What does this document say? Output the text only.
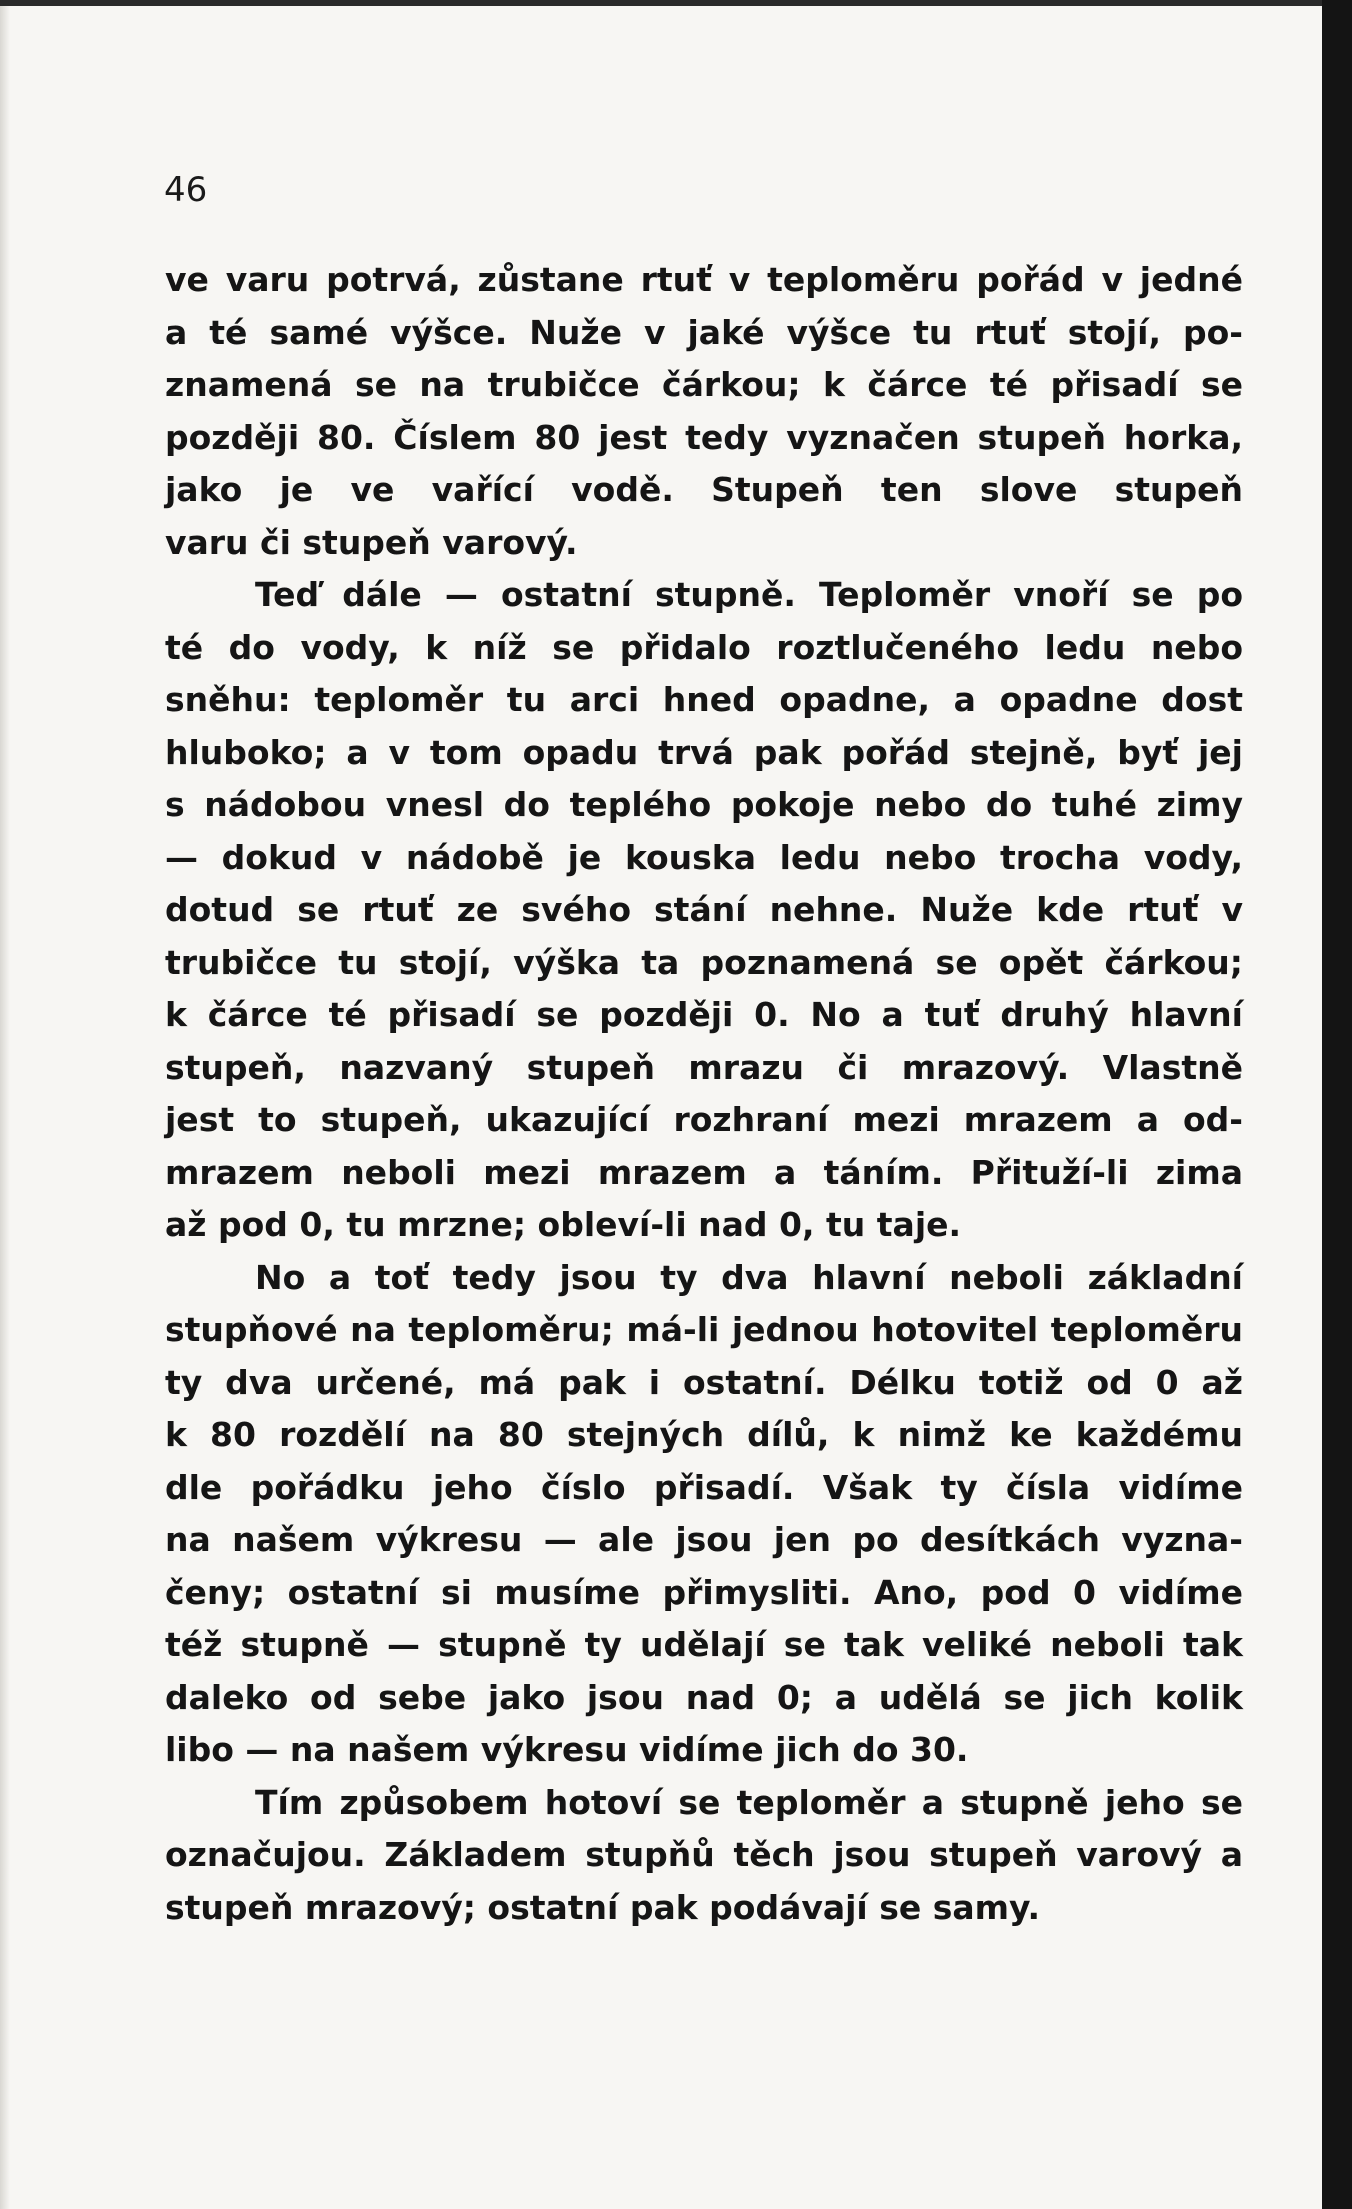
46

ve varu potrvá, zůstane rtuť v teploměru pořád v jedné

a té samé výšce. Nuže v jaké výšce tu rtuť stojí, po-

znamená se na trubičce čárkou; k čárce té přisadí se

později 80. Číslem 80 jest tedy vyznačen stupeň horka,

jako je ve vařící vodě. Stupeň ten slove stupeň

varu či stupeň varový.

Teď dále — ostatní stupně. Teploměr vnoří se po

té do vody, k níž se přidalo roztlučeného ledu nebo

sněhu: teploměr tu arci hned opadne, a opadne dost

hluboko; a v tom opadu trvá pak pořád stejně, byť jej

s nádobou vnesl do teplého pokoje nebo do tuhé zimy

— dokud v nádobě je kouska ledu nebo trocha vody,

dotud se rtuť ze svého stání nehne. Nuže kde rtuť v

trubičce tu stojí, výška ta poznamená se opět čárkou;

k čárce té přisadí se později 0. No a tuť druhý hlavní

stupeň, nazvaný stupeň mrazu či mrazový. Vlastně

jest to stupeň, ukazující rozhraní mezi mrazem a od-

mrazem neboli mezi mrazem a táním. Přituží-li zima

až pod 0, tu mrzne; obleví-li nad 0, tu taje.

No a toť tedy jsou ty dva hlavní neboli základní

stupňové na teploměru; má-li jednou hotovitel teploměru

ty dva určené, má pak i ostatní. Délku totiž od 0 až

k 80 rozdělí na 80 stejných dílů, k nimž ke každému

dle pořádku jeho číslo přisadí. Však ty čísla vidíme

na našem výkresu — ale jsou jen po desítkách vyzna-

čeny; ostatní si musíme přimysliti. Ano, pod 0 vidíme

též stupně — stupně ty udělají se tak veliké neboli tak

daleko od sebe jako jsou nad 0; a udělá se jich kolik

libo — na našem výkresu vidíme jich do 30.

Tím způsobem hotoví se teploměr a stupně jeho se

označujou. Základem stupňů těch jsou stupeň varový a

stupeň mrazový; ostatní pak podávají se samy.
